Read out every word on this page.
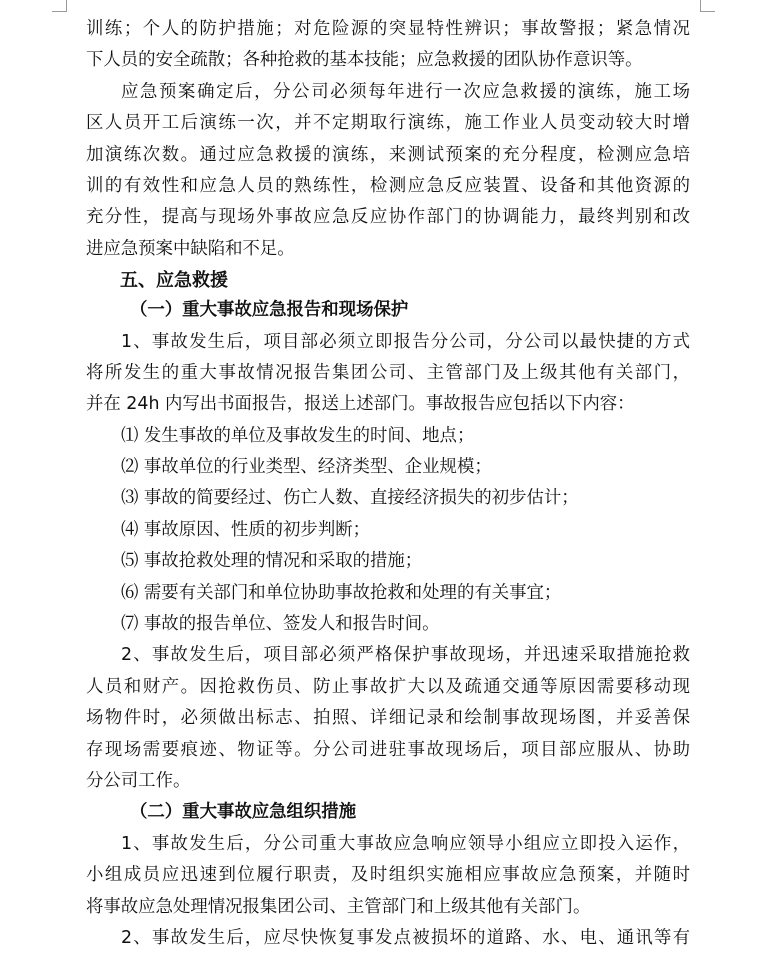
训练；个人的防护措施；对危险源的突显特性辨识；事故警报；紧急情况
下人员的安全疏散；各种抢救的基本技能；应急救援的团队协作意识等。
应急预案确定后，分公司必须每年进行一次应急救援的演练，施工场
区人员开工后演练一次，并不定期取行演练，施工作业人员变动较大时增
加演练次数。通过应急救援的演练，来测试预案的充分程度，检测应急培
训的有效性和应急人员的熟练性，检测应急反应装置、设备和其他资源的
充分性，提高与现场外事故应急反应协作部门的协调能力，最终判别和改
进应急预案中缺陷和不足。
五、应急救援
（一）重大事故应急报告和现场保护
1、事故发生后，项目部必须立即报告分公司，分公司以最快捷的方式
将所发生的重大事故情况报告集团公司、主管部门及上级其他有关部门，
并在 24h 内写出书面报告，报送上述部门。事故报告应包括以下内容：
⑴ 发生事故的单位及事故发生的时间、地点；
⑵ 事故单位的行业类型、经济类型、企业规模；
⑶ 事故的简要经过、伤亡人数、直接经济损失的初步估计；
⑷ 事故原因、性质的初步判断；
⑸ 事故抢救处理的情况和采取的措施；
⑹ 需要有关部门和单位协助事故抢救和处理的有关事宜；
⑺ 事故的报告单位、签发人和报告时间。
2、事故发生后，项目部必须严格保护事故现场，并迅速采取措施抢救
人员和财产。因抢救伤员、防止事故扩大以及疏通交通等原因需要移动现
场物件时，必须做出标志、拍照、详细记录和绘制事故现场图，并妥善保
存现场需要痕迹、物证等。分公司进驻事故现场后，项目部应服从、协助
分公司工作。
（二）重大事故应急组织措施
1、事故发生后，分公司重大事故应急响应领导小组应立即投入运作，
小组成员应迅速到位履行职责，及时组织实施相应事故应急预案，并随时
将事故应急处理情况报集团公司、主管部门和上级其他有关部门。
2、事故发生后，应尽快恢复事发点被损坏的道路、水、电、通讯等有
